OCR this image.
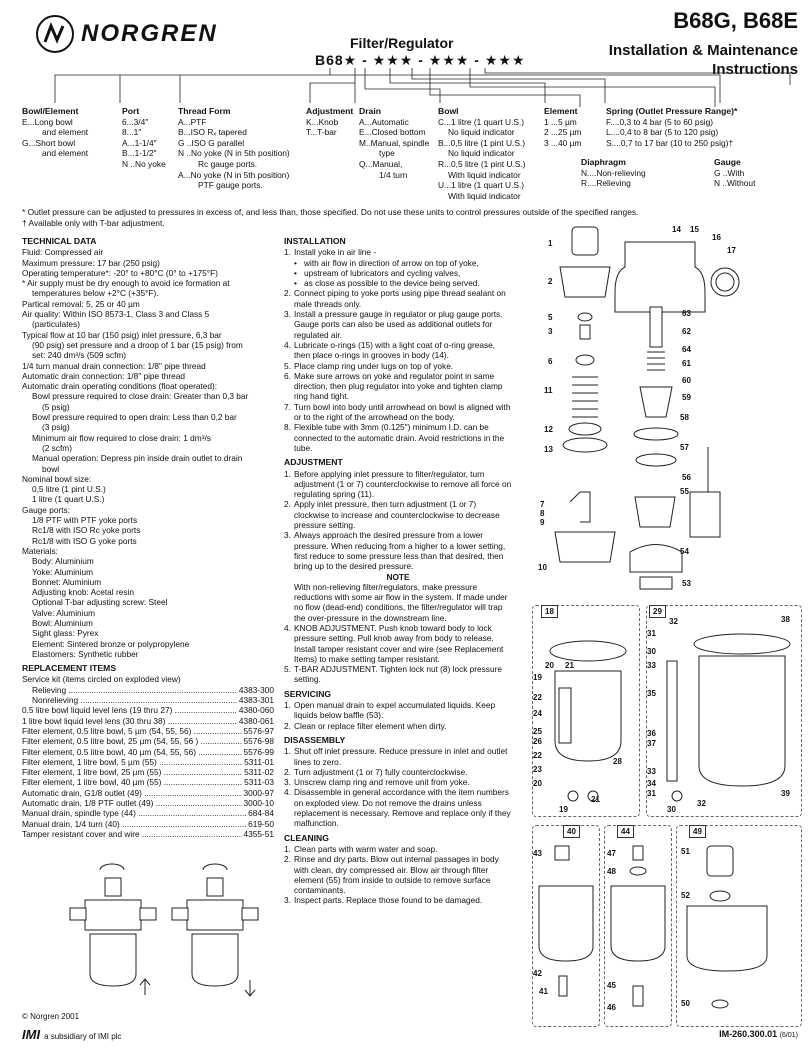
NORGREN	B68G, B68E
Installation & Maintenance
Instructions
Filter/Regulator
B68★ - ★★★ - ★★★ - ★★★
Bowl/Element
E...Long bowl
and element
G...Short bowl
and element
Port
6...3/4″
8...1″
A...1-1/4″
B...1-1/2″
N ..No yoke
Thread Form
A...PTF
B...ISO Rₓ tapered
G ..ISO G parallel
N ..No yoke (N in 5th position)
Rc gauge ports.
A...No yoke (N in 5th position)
PTF gauge ports.
Adjustment
K...Knob
T...T-bar
Drain
A...Automatic
E...Closed bottom
M..Manual, spindle
type
Q...Manual,
1/4 turn
Bowl
C...1 litre (1 quart U.S.)
No liquid indicator
B...0,5 litre (1 pint U.S.)
No liquid indicator
R...0,5 litre (1 pint U.S.)
With liquid indicator
U...1 litre (1 quart U.S.)
With liquid indicator
Element
1 ...5 µm
2 ...25 µm
3 ...40 µm
Spring (Outlet Pressure Range)*
F....0,3 to 4 bar (5 to 60 psig)
L....0,4 to 8 bar (5 to 120 psig)
S....0,7 to 17 bar (10 to 250 psig)†
Diaphragm
N....Non-relieving
R....Relieving
Gauge
G ..With
N ..Without
* Outlet pressure can be adjusted to pressures in excess of, and less than, those specified. Do not use these units to control pressures outside of the specified ranges.
† Available only with T-bar adjustment.
TECHNICAL DATA

Fluid: Compressed air

Maximum pressure: 17 bar (250 psig)

Operating temperature*: -20° to +80°C (0° to +175°F)

* Air supply must be dry enough to avoid ice formation at

temperatures below +2°C (+35°F).

Partical removal: 5, 25 or 40 µm

Air quality: Within ISO 8573-1, Class 3 and Class 5

(particulates)

Typical flow at 10 bar (150 psig) inlet pressure, 6,3 bar

(90 psig) set pressure and a droop of 1 bar (15 psig) from

set: 240 dm³/s (509 scfm)

1/4 turn manual drain connection: 1/8" pipe thread

Automatic drain connection: 1/8" pipe thread

Automatic drain operating conditions (float operated):

Bowl pressure required to close drain: Greater than 0,3 bar

(5 psig)

Bowl pressure required to open drain: Less than 0,2 bar

(3 psig)

Minimum air flow required to close drain: 1 dm³/s

(2 scfm)

Manual operation: Depress pin inside drain outlet to drain

bowl

Nominal bowl size:

0,5 litre (1 pint U.S.)

1 litre (1 quart U.S.)

Gauge ports:

1/8 PTF with PTF yoke ports

Rc1/8 with ISO Rc yoke ports

Rc1/8 with ISO G yoke ports

Materials:

Body: Aluminium

Yoke: Aluminium

Bonnet: Aluminium

Adjusting knob: Acetal resin

Optional T-bar adjusting screw: Steel

Valve: Aluminium

Bowl: Aluminium

Sight glass: Pyrex

Element: Sintered bronze or polypropylene

Elastomers: Synthetic rubber

REPLACEMENT ITEMS

Service kit (items circled on exploded view)

Relieving .....	4383-300
Nonrelieving .....	4383-301
0.5 litre bowl liquid level lens (19 thru 27) .....	4380-060
1 litre bowl liquid level lens (30 thru 38) .....	4380-061
Filter element, 0.5 litre bowl, 5 µm (54, 55, 56) .....	5576-97
Filter element, 0.5 litre bowl, 25 µm (54, 55, 56 ) .....	5576-98
Filter element, 0.5 litre bowl, 40 µm (54, 55, 56) .....	5576-99
Filter element, 1 litre bowl, 5 µm (55) .....	5311-01
Filter element, 1 litre bowl, 25 µm (55) .....	5311-02
Filter element, 1 litre bowl, 40 µm (55) .....	5311-03
Automatic drain, G1/8 outlet (49) .....	3000-97
Automatic drain, 1/8 PTF outlet (49) .....	3000-10
Manual drain, spindle type (44) .....	684-84
Manual drain, 1/4 turn (40) .....	619-50
Tamper resistant cover and wire .....	4355-51
INSTALLATION
1. Install yoke in air line -
• with air flow in direction of arrow on top of yoke,
• upstream of lubricators and cycling valves,
• as close as possible to the device being served.
2. Connect piping to yoke ports using pipe thread sealant on male threads only.
3. Install a pressure gauge in regulator or plug gauge ports. Gauge ports can also be used as additional outlets for regulated air.
4. Lubricate o-rings (15) with a light coat of o-ring grease, then place o-rings in grooves in body (14).
5. Place clamp ring under lugs on top of yoke.
6. Make sure arrows on yoke and regulator point in same direction, then plug regulator into yoke and tighten clamp ring hand tight.
7. Turn bowl into body until arrowhead on bowl is aligned with or to the right of the arrowhead on the body.
8. Flexible tube with 3mm (0.125") minimum I.D. can be connected to the automatic drain. Avoid restrictions in the tube.
ADJUSTMENT
1. Before applying inlet pressure to filter/regulator, turn adjustment (1 or 7) counterclockwise to remove all force on regulating spring (11).
2. Apply inlet pressure, then turn adjustment (1 or 7) clockwise to increase and counterclockwise to decrease pressure setting.
3. Always approach the desired pressure from a lower pressure. When reducing from a higher to a lower setting, first reduce to some pressure less than that desired, then bring up to the desired pressure.
NOTE
With non-relieving filter/regulators, make pressure reductions with some air flow in the system. If made under no flow (dead-end) conditions, the filter/regulator will trap the over-pressure in the downstream line.
4. KNOB ADJUSTMENT. Push knob toward body to lock pressure setting. Pull knob away from body to release. Install tamper resistant cover and wire (see Replacement Items) to make setting tamper resistant.
5. T-BAR ADJUSTMENT. Tighten lock nut (8) lock pressure setting.
SERVICING
1. Open manual drain to expel accumulated liquids. Keep liquids below baffle (53).
2. Clean or replace filter element when dirty.
DISASSEMBLY
1. Shut off inlet pressure. Reduce pressure in inlet and outlet lines to zero.
2. Turn adjustment (1 or 7) fully counterclockwise.
3. Unscrew clamp ring and remove unit from yoke.
4. Disassemble in general accordance with the item numbers on exploded view. Do not remove the drains unless replacement is necessary. Remove and replace only if they malfunction.
CLEANING
1. Clean parts with warm water and soap.
2. Rinse and dry parts. Blow out internal passages in body with clean, dry compressed air. Blow air through filter element (55) from inside to outside to remove surface contaminants.
3. Inspect parts. Replace those found to be damaged.
1
2
5
3
6
11
12
13
14 15
16
17
63
62
64
61
60
59
58
57
56
55
54
53
7
8
9
10
18
20 21
19
22
24
25
26
22
23
20
28
19
21
29
31
32
30
33
35
36
37
33
34
31
30
32
39
38
40
43
42
41
44
47
48
45
46
49
51
52
50
© Norgren 2001
IMI a subsidiary of IMI plc	IM-260.300.01 (6/01)
